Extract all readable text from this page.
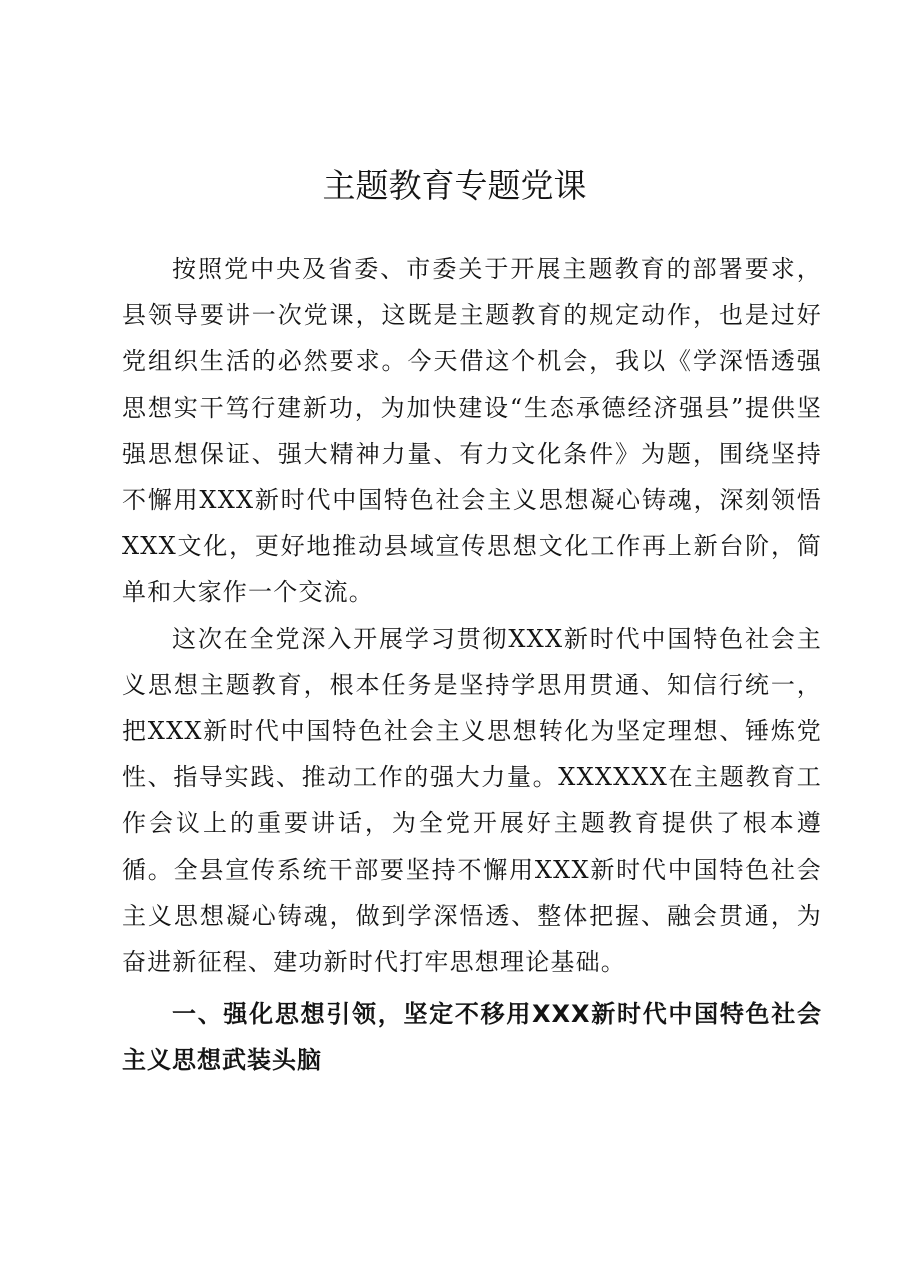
主题教育专题党课

按照党中央及省委、市委关于开展主题教育的部署要求，县领导要讲一次党课，这既是主题教育的规定动作，也是过好党组织生活的必然要求。今天借这个机会，我以《学深悟透强思想实干笃行建新功，为加快建设“生态承德经济强县”提供坚强思想保证、强大精神力量、有力文化条件》为题，围绕坚持不懈用XXX新时代中国特色社会主义思想凝心铸魂，深刻领悟XXX文化，更好地推动县域宣传思想文化工作再上新台阶，简单和大家作一个交流。

这次在全党深入开展学习贯彻XXX新时代中国特色社会主义思想主题教育，根本任务是坚持学思用贯通、知信行统一，把XXX新时代中国特色社会主义思想转化为坚定理想、锤炼党性、指导实践、推动工作的强大力量。XXXXXX在主题教育工作会议上的重要讲话，为全党开展好主题教育提供了根本遵循。全县宣传系统干部要坚持不懈用XXX新时代中国特色社会主义思想凝心铸魂，做到学深悟透、整体把握、融会贯通，为奋进新征程、建功新时代打牢思想理论基础。

一、强化思想引领，坚定不移用XXX新时代中国特色社会主义思想武装头脑
